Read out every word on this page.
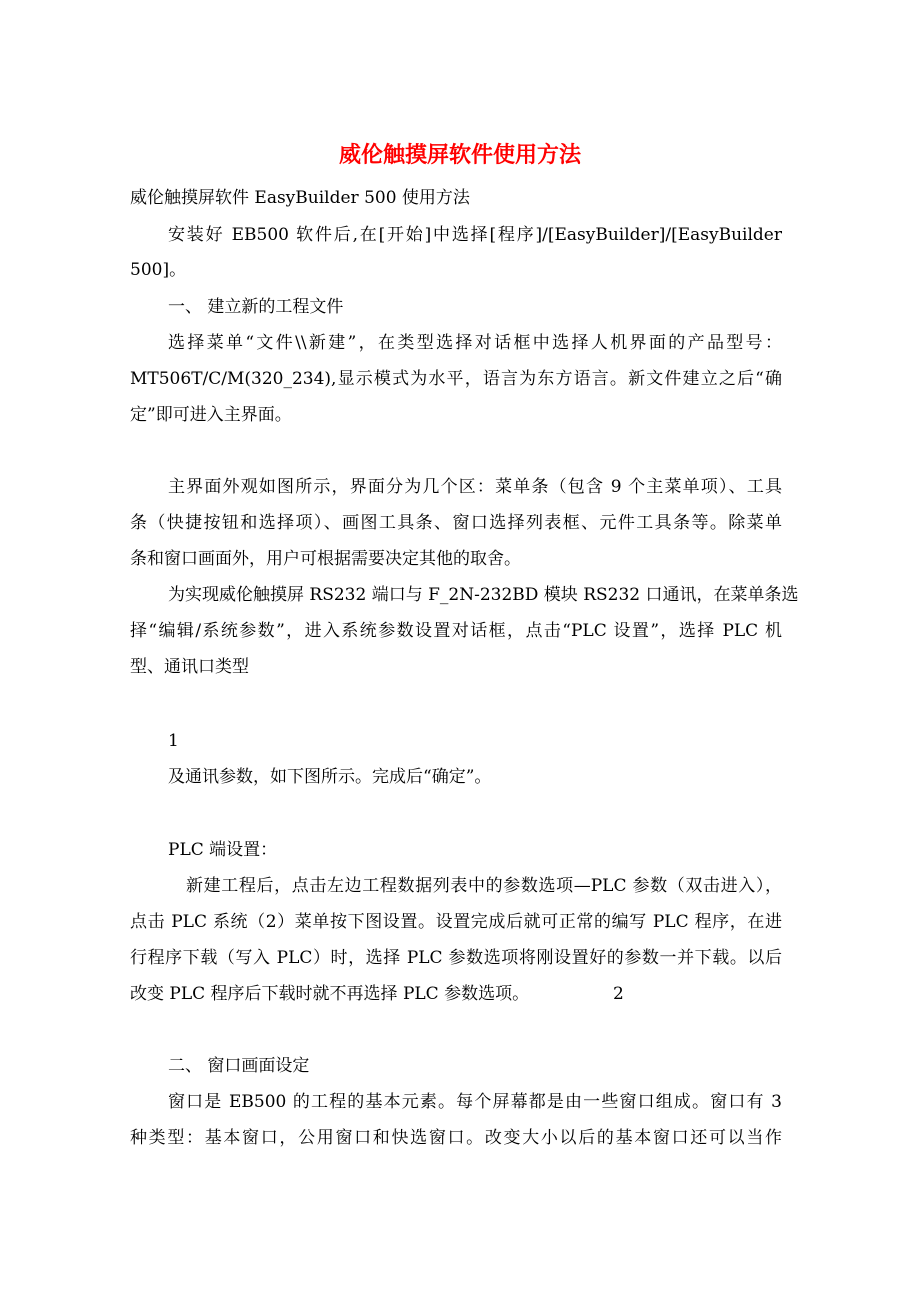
威伦触摸屏软件使用方法

威伦触摸屏软件 EasyBuilder 500 使用方法

安装好 EB500 软件后,在[开始]中选择[程序]/[EasyBuilder]/[EasyBuilder

500]。

一、 建立新的工程文件

选择菜单“文件\\新建”，在类型选择对话框中选择人机界面的产品型号：

MT506T/C/M(320_234),显示模式为水平，语言为东方语言。新文件建立之后“确

定”即可进入主界面。

主界面外观如图所示，界面分为几个区：菜单条（包含 9 个主菜单项）、工具

条（快捷按钮和选择项）、画图工具条、窗口选择列表框、元件工具条等。除菜单

条和窗口画面外，用户可根据需要决定其他的取舍。

为实现威伦触摸屏 RS232 端口与 F_2N-232BD 模块 RS232 口通讯，在菜单条选

择“编辑/系统参数”，进入系统参数设置对话框，点击“PLC 设置”，选择 PLC 机

型、通讯口类型

1

及通讯参数，如下图所示。完成后“确定”。

PLC 端设置：

新建工程后，点击左边工程数据列表中的参数选项—PLC 参数（双击进入），

点击 PLC 系统（2）菜单按下图设置。设置完成后就可正常的编写 PLC 程序，在进

行程序下载（写入 PLC）时，选择 PLC 参数选项将刚设置好的参数一并下载。以后

改变 PLC 程序后下载时就不再选择 PLC 参数选项。	2

二、 窗口画面设定

窗口是 EB500 的工程的基本元素。每个屏幕都是由一些窗口组成。窗口有 3

种类型：基本窗口，公用窗口和快选窗口。改变大小以后的基本窗口还可以当作
